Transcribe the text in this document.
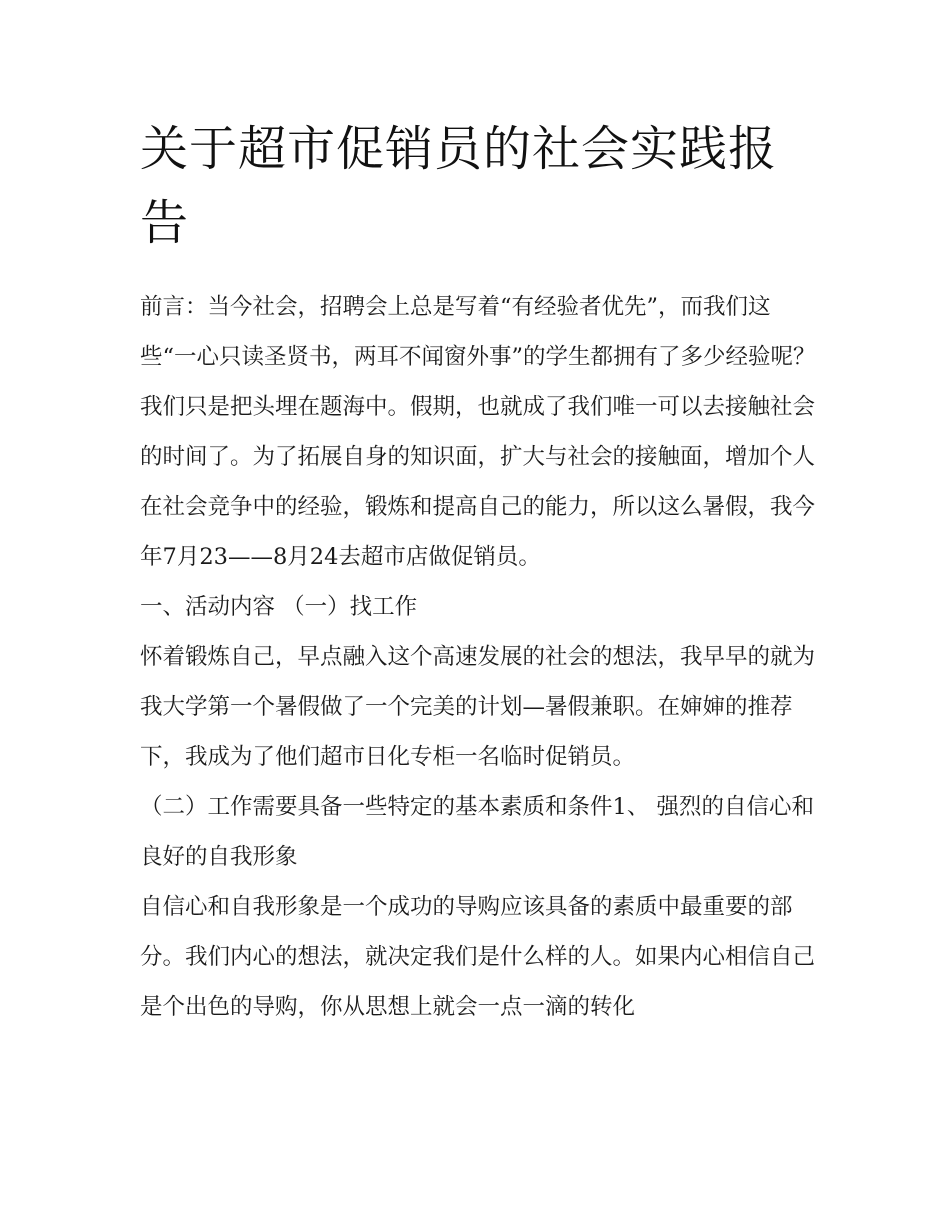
关于超市促销员的社会实践报告

前言：当今社会，招聘会上总是写着“有经验者优先”，而我们这些“一心只读圣贤书，两耳不闻窗外事”的学生都拥有了多少经验呢？我们只是把头埋在题海中。假期，也就成了我们唯一可以去接触社会的时间了。为了拓展自身的知识面，扩大与社会的接触面，增加个人在社会竞争中的经验，锻炼和提高自己的能力，所以这么暑假，我今年7月23——8月24去超市店做促销员。

一、活动内容 （一）找工作

怀着锻炼自己，早点融入这个高速发展的社会的想法，我早早的就为我大学第一个暑假做了一个完美的计划—暑假兼职。在婶婶的推荐下，我成为了他们超市日化专柜一名临时促销员。

（二）工作需要具备一些特定的基本素质和条件1、 强烈的自信心和良好的自我形象

自信心和自我形象是一个成功的导购应该具备的素质中最重要的部分。我们内心的想法，就决定我们是什么样的人。如果内心相信自己是个出色的导购，你从思想上就会一点一滴的转化
